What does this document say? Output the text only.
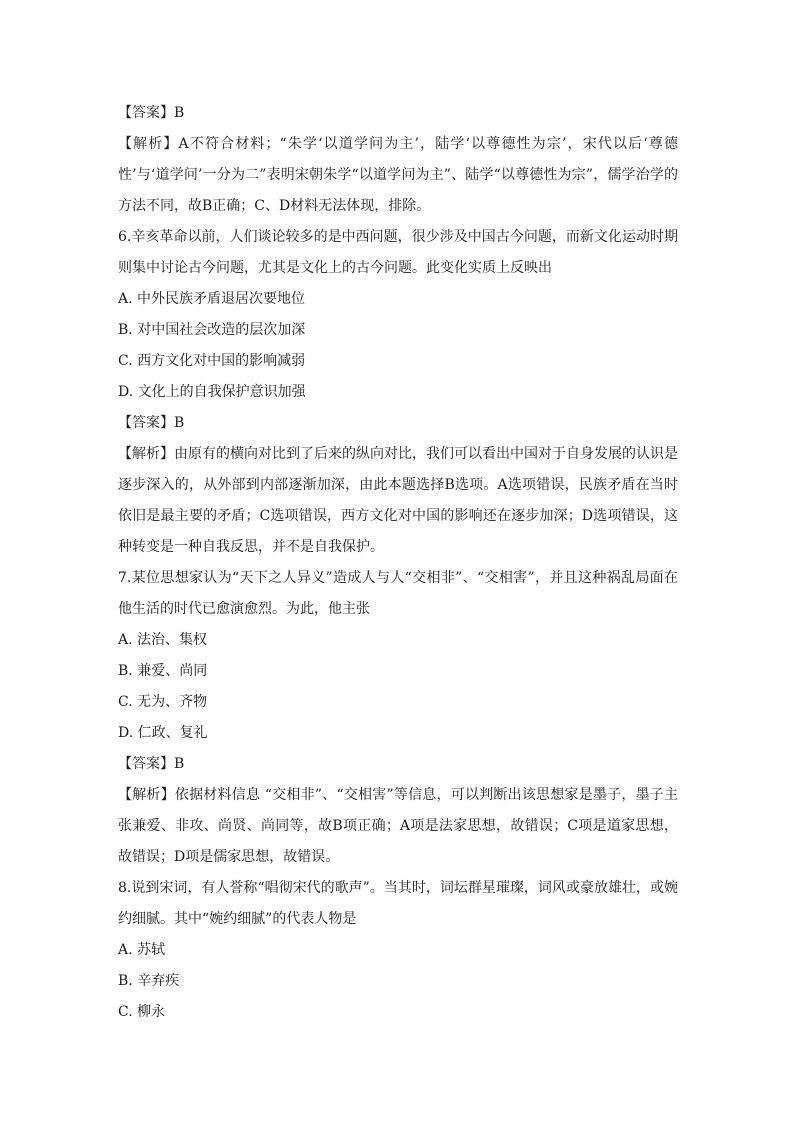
【答案】B

【解析】A不符合材料；“朱学‘以道学问为主’，陆学‘以尊德性为宗’，宋代以后‘尊德性’与‘道学问’一分为二”表明宋朝朱学“以道学问为主”、陆学“以尊德性为宗”，儒学治学的方法不同，故B正确；C、D材料无法体现，排除。

6.辛亥革命以前，人们谈论较多的是中西问题，很少涉及中国古今问题，而新文化运动时期则集中讨论古今问题，尤其是文化上的古今问题。此变化实质上反映出

A. 中外民族矛盾退居次要地位

B. 对中国社会改造的层次加深

C. 西方文化对中国的影响减弱

D. 文化上的自我保护意识加强

【答案】B

【解析】由原有的横向对比到了后来的纵向对比，我们可以看出中国对于自身发展的认识是逐步深入的，从外部到内部逐渐加深，由此本题选择B选项。A选项错误，民族矛盾在当时依旧是最主要的矛盾；C选项错误，西方文化对中国的影响还在逐步加深；D选项错误，这种转变是一种自我反思，并不是自我保护。

7.某位思想家认为“天下之人异义”造成人与人“交相非”、“交相害”，并且这种祸乱局面在他生活的时代已愈演愈烈。为此，他主张

A. 法治、集权

B. 兼爱、尚同

C. 无为、齐物

D. 仁政、复礼

【答案】B

【解析】依据材料信息 “交相非”、“交相害”等信息，可以判断出该思想家是墨子，墨子主张兼爱、非攻、尚贤、尚同等，故B项正确；A项是法家思想，故错误；C项是道家思想，故错误；D项是儒家思想，故错误。

8.说到宋词，有人誉称“唱彻宋代的歌声”。当其时，词坛群星璀璨，词风或豪放雄壮，或婉约细腻。其中“婉约细腻”的代表人物是

A. 苏轼

B. 辛弃疾

C. 柳永
